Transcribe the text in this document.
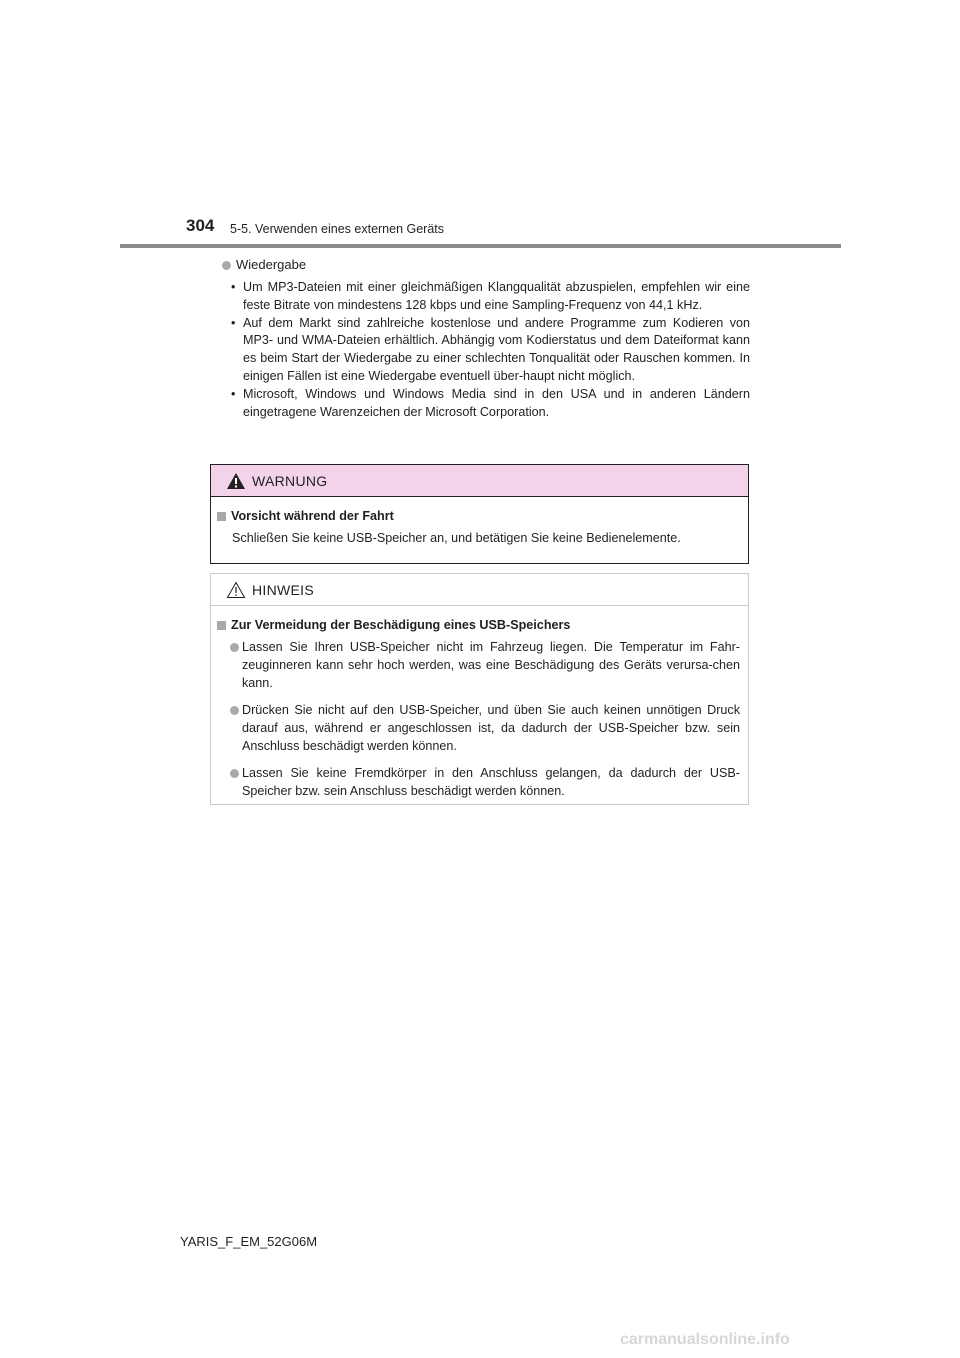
304 5-5. Verwenden eines externen Geräts
Wiedergabe
• Um MP3-Dateien mit einer gleichmäßigen Klangqualität abzuspielen, empfehlen wir eine feste Bitrate von mindestens 128 kbps und eine Sampling-Frequenz von 44,1 kHz.
• Auf dem Markt sind zahlreiche kostenlose und andere Programme zum Kodieren von MP3- und WMA-Dateien erhältlich. Abhängig vom Kodierstatus und dem Dateiformat kann es beim Start der Wiedergabe zu einer schlechten Tonqualität oder Rauschen kommen. In einigen Fällen ist eine Wiedergabe eventuell über-haupt nicht möglich.
• Microsoft, Windows und Windows Media sind in den USA und in anderen Ländern eingetragene Warenzeichen der Microsoft Corporation.
WARNUNG
Vorsicht während der Fahrt
Schließen Sie keine USB-Speicher an, und betätigen Sie keine Bedienelemente.
HINWEIS
Zur Vermeidung der Beschädigung eines USB-Speichers
Lassen Sie Ihren USB-Speicher nicht im Fahrzeug liegen. Die Temperatur im Fahr-zeuginneren kann sehr hoch werden, was eine Beschädigung des Geräts verursa-chen kann.
Drücken Sie nicht auf den USB-Speicher, und üben Sie auch keinen unnötigen Druck darauf aus, während er angeschlossen ist, da dadurch der USB-Speicher bzw. sein Anschluss beschädigt werden können.
Lassen Sie keine Fremdkörper in den Anschluss gelangen, da dadurch der USB-Speicher bzw. sein Anschluss beschädigt werden können.
YARIS_F_EM_52G06M
carmanualsonline.info
